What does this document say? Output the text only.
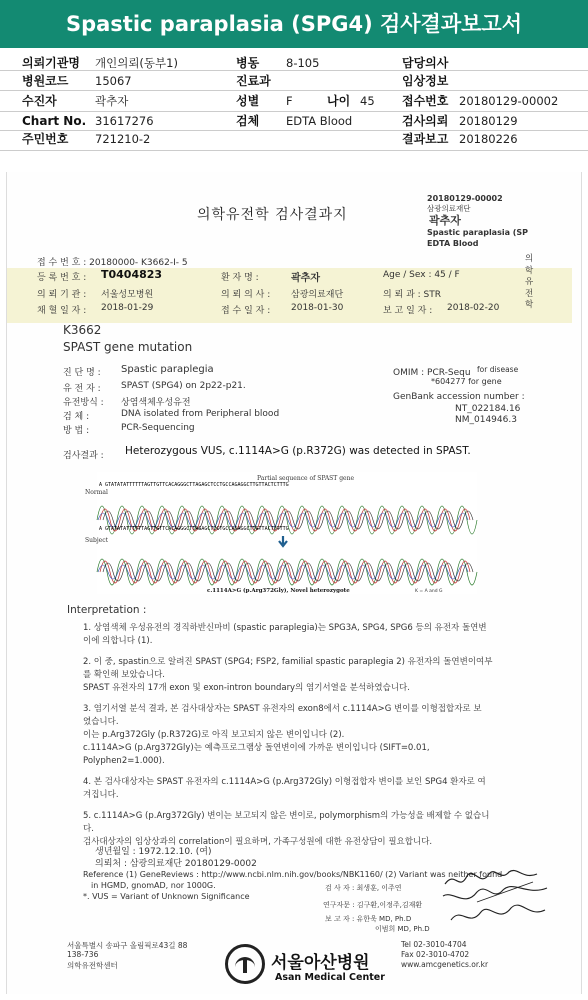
Spastic paraplasia (SPG4) 검사결과보고서
의뢰기관명 개인의뢰(동부1)	병동 8-105	담당의사
병원코드 15067	진료과	임상정보
수진자	곽추자	성별 F	나이 45 접수번호 20180129-00002
Chart No. 31617276	검체 EDTA Blood	검사의뢰 20180129
주민번호 721210-2	결과보고 20180226
20180129-00002
삼광의료재단
곽추자
Spastic paraplasia (SP
EDTA Blood
의학유전학 검사결과지
접 수 번 호 : 20180000- K3662-I- 5
등 록 번 호 : T0404823	환 자 명 :	곽추자	Age / Sex : 45 / F
의 뢰 기 관 : 서울성모병원	의 뢰 의 사 : 삼광의료재단	의 뢰 과 : STR
채 혈 일 자 : 2018-01-29	접 수 일 자 : 2018-01-30	보 고 일 자 : 2018-02-20
의
학
유
전
학
K3662
SPAST gene mutation
진 단 명 : Spastic paraplegia
유 전 자 : SPAST (SPG4) on 2p22-p21.
유전방식 : 상염색체우성유전
검 체 :	DNA isolated from Peripheral blood
방 법 :	PCR-Sequencing
OMIM : PCR-Sequ for disease
*604277 for gene
GenBank accession number :
NT_022184.16
NM_014946.3
검사결과 : Heterozygous VUS, c.1114A>G (p.R372G) was detected in SPAST.
Partial sequence of SPAST gene
A GTATATATTTTTTAGTTGTTCACAGGGCTTAGAGCTCCTGCCAGAGGCTTGTTACTCTTTG
Normal
A GTATATATTTTTTAGTTGTTCACAGGGCTTAGAGCTCCTGCCAGAGGCTTGTTACTCTTTG
Subject
c.1114A>G (p.Arg372Gly), Novel heterozygote	K = A and G
Interpretation :
1. 상염색체 우성유전의 경직하반신마비 (spastic paraplegia)는 SPG3A, SPG4, SPG6 등의 유전자 돌연변
이에 의합니다 (1).
2. 이 중, spastin으로 알려진 SPAST (SPG4; FSP2, familial spastic paraplegia 2) 유전자의 돌연변이여부
를 확인해 보았습니다.
SPAST 유전자의 17개 exon 및 exon-intron boundary의 염기서열을 분석하였습니다.
3. 염기서열 분석 결과, 본 검사대상자는 SPAST 유전자의 exon8에서 c.1114A>G 변이를 이형접합자로 보
였습니다.
이는 p.Arg372Gly (p.R372G)로 아직 보고되지 않은 변이입니다 (2).
c.1114A>G (p.Arg372Gly)는 예측프로그램상 돌연변이에 가까운 변이입니다 (SIFT=0.01,
Polyphen2=1.000).
4. 본 검사대상자는 SPAST 유전자의 c.1114A>G (p.Arg372Gly) 이형접합자 변이를 보인 SPG4 환자로 여
겨집니다.
5. c.1114A>G (p.Arg372Gly) 변이는 보고되지 않은 변이로, polymorphism의 가능성을 배제할 수 없습니
다.
검사대상자의 임상상과의 correlation이 필요하며, 가족구성원에 대한 유전상담이 필요합니다.
생년월일 : 1972.12.10. (여)
의뢰처 : 삼광의료재단 20180129-0002
Reference (1) GeneReviews : http://www.ncbi.nlm.nih.gov/books/NBK1160/ (2) Variant was neither found
in HGMD, gnomAD, nor 1000G.
*. VUS = Variant of Unknown Significance
검 사 자 : 최생훈, 이주연
연구자문 : 김구환,이정주,김재환
보 고 자 : 유한욱 MD, Ph.D
이범희 MD, Ph.D
서울특별시 송파구 올림픽로43길 88
138-736
의학유전학센터	서울아산병원
Asan Medical Center
Tel 02-3010-4704
Fax 02-3010-4702
www.amcgenetics.or.kr
